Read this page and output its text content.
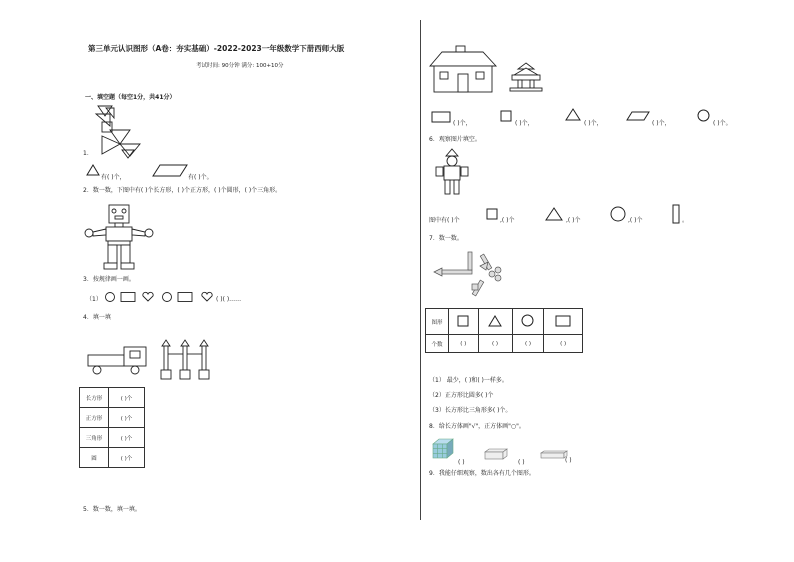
第三单元认识图形（A卷：夯实基础）-2022-2023一年级数学下册西师大版
考试时间: 90分钟 满分: 100+10分
一、填空题（每空1分，共41分）
1．
有( )个，	有( )个。
2．数一数，下图中有( )个长方形，( )个正方形，( )个圆形，( )个三角形。
3．按规律画一画。
（1）	( )( )……
4．填一填
长方形	( )个
正方形	( )个
三角形	( )个
圆	( )个
5．数一数，填一填。
( )个，	( )个，	( )个，	( )个，	( )个。
6．观察图片填空。
图中有( )个	,( )个	,( )个	,( )个	。
7．数一数。
图形				
个数	( )	( )	( )	( )
（1） 最少，( )和( )一样多。
（2）正方形比圆多( )个
（3）长方形比三角形多( )个。
8．给长方体画"√"，正方体画"○"。
( )	( )	( )
9．我能仔细观察，数出各有几个图形。
